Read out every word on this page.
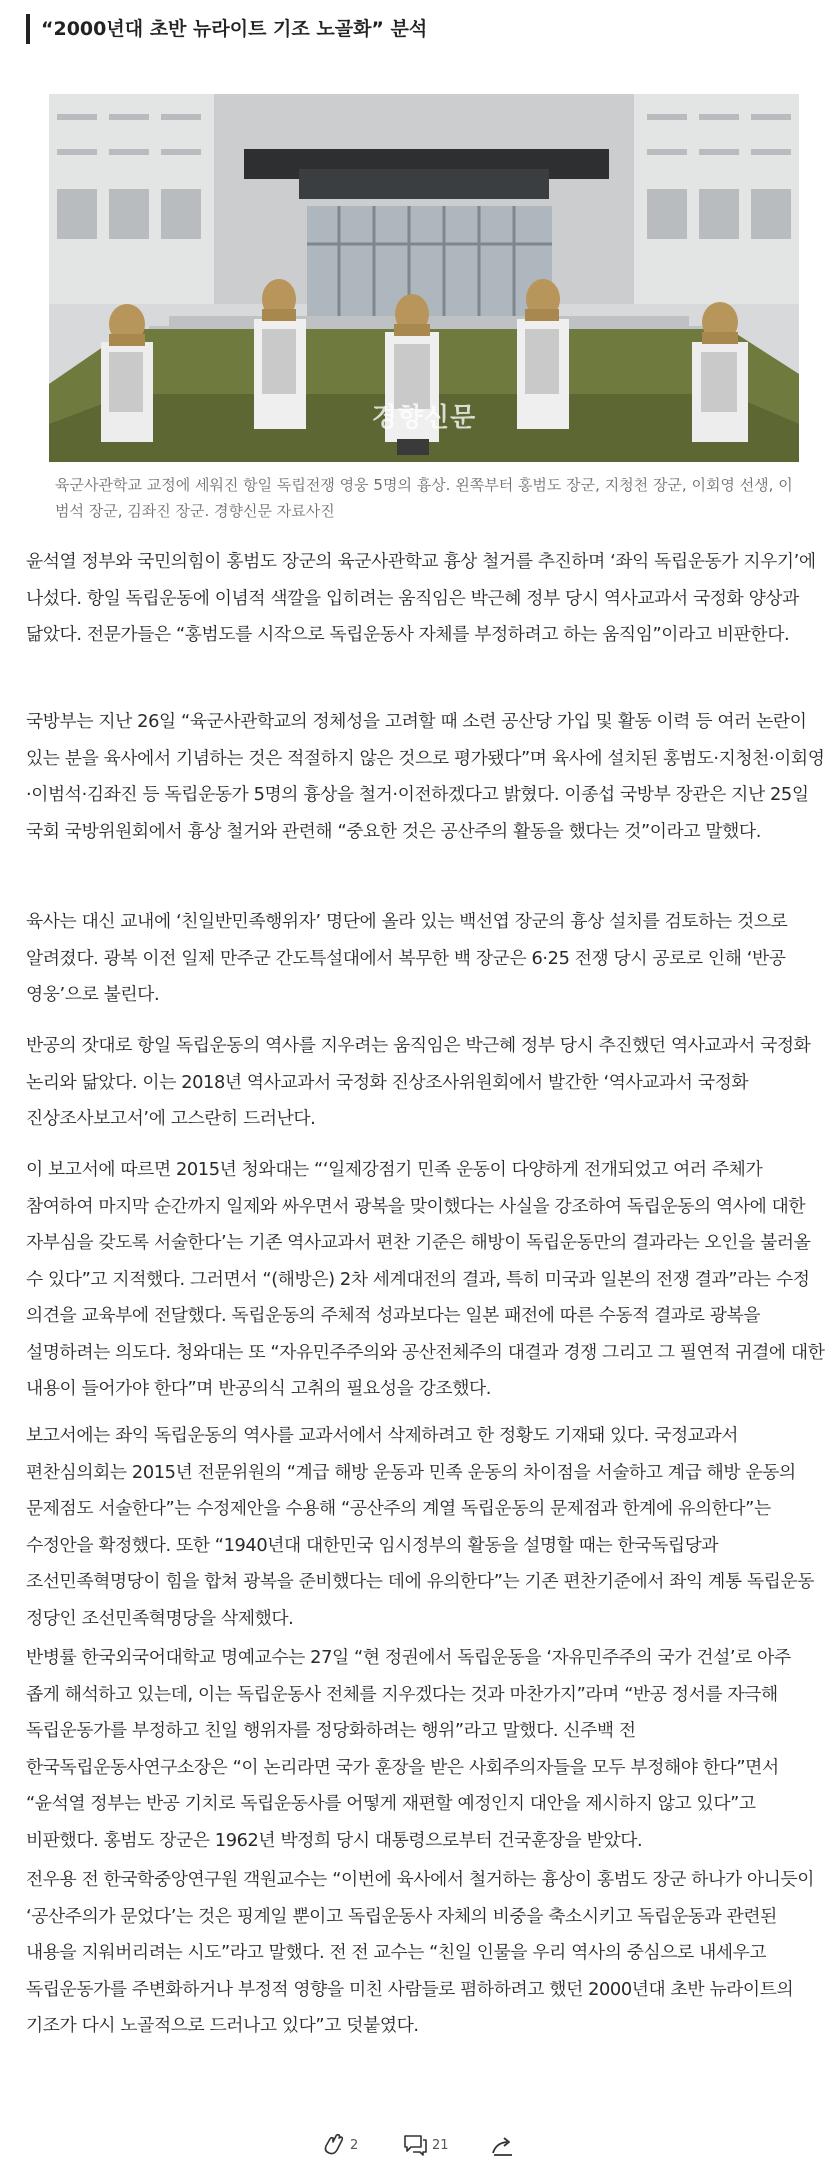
“2000년대 초반 뉴라이트 기조 노골화” 분석
경향신문
육군사관학교 교정에 세워진 항일 독립전쟁 영웅 5명의 흉상. 왼쪽부터 홍범도 장군, 지청천 장군, 이회영 선생, 이범석 장군, 김좌진 장군. 경향신문 자료사진
윤석열 정부와 국민의힘이 홍범도 장군의 육군사관학교 흉상 철거를 추진하며 ‘좌익 독립운동가 지우기’에 나섰다. 항일 독립운동에 이념적 색깔을 입히려는 움직임은 박근혜 정부 당시 역사교과서 국정화 양상과 닮았다. 전문가들은 “홍범도를 시작으로 독립운동사 자체를 부정하려고 하는 움직임”이라고 비판한다.
국방부는 지난 26일 “육군사관학교의 정체성을 고려할 때 소련 공산당 가입 및 활동 이력 등 여러 논란이 있는 분을 육사에서 기념하는 것은 적절하지 않은 것으로 평가됐다”며 육사에 설치된 홍범도·지청천·이회영·이범석·김좌진 등 독립운동가 5명의 흉상을 철거·이전하겠다고 밝혔다. 이종섭 국방부 장관은 지난 25일 국회 국방위원회에서 흉상 철거와 관련해 “중요한 것은 공산주의 활동을 했다는 것”이라고 말했다.
육사는 대신 교내에 ‘친일반민족행위자’ 명단에 올라 있는 백선엽 장군의 흉상 설치를 검토하는 것으로 알려졌다. 광복 이전 일제 만주군 간도특설대에서 복무한 백 장군은 6·25 전쟁 당시 공로로 인해 ‘반공 영웅’으로 불린다.
반공의 잣대로 항일 독립운동의 역사를 지우려는 움직임은 박근혜 정부 당시 추진했던 역사교과서 국정화 논리와 닮았다. 이는 2018년 역사교과서 국정화 진상조사위원회에서 발간한 ‘역사교과서 국정화 진상조사보고서’에 고스란히 드러난다.
이 보고서에 따르면 2015년 청와대는 “‘일제강점기 민족 운동이 다양하게 전개되었고 여러 주체가 참여하여 마지막 순간까지 일제와 싸우면서 광복을 맞이했다는 사실을 강조하여 독립운동의 역사에 대한 자부심을 갖도록 서술한다’는 기존 역사교과서 편찬 기준은 해방이 독립운동만의 결과라는 오인을 불러올 수 있다”고 지적했다. 그러면서 “(해방은) 2차 세계대전의 결과, 특히 미국과 일본의 전쟁 결과”라는 수정 의견을 교육부에 전달했다. 독립운동의 주체적 성과보다는 일본 패전에 따른 수동적 결과로 광복을 설명하려는 의도다. 청와대는 또 “자유민주주의와 공산전체주의 대결과 경쟁 그리고 그 필연적 귀결에 대한 내용이 들어가야 한다”며 반공의식 고취의 필요성을 강조했다.
보고서에는 좌익 독립운동의 역사를 교과서에서 삭제하려고 한 정황도 기재돼 있다. 국정교과서 편찬심의회는 2015년 전문위원의 “계급 해방 운동과 민족 운동의 차이점을 서술하고 계급 해방 운동의 문제점도 서술한다”는 수정제안을 수용해 “공산주의 계열 독립운동의 문제점과 한계에 유의한다”는 수정안을 확정했다. 또한 “1940년대 대한민국 임시정부의 활동을 설명할 때는 한국독립당과 조선민족혁명당이 힘을 합쳐 광복을 준비했다는 데에 유의한다”는 기존 편찬기준에서 좌익 계통 독립운동 정당인 조선민족혁명당을 삭제했다.
반병률 한국외국어대학교 명예교수는 27일 “현 정권에서 독립운동을 ‘자유민주주의 국가 건설’로 아주 좁게 해석하고 있는데, 이는 독립운동사 전체를 지우겠다는 것과 마찬가지”라며 “반공 정서를 자극해 독립운동가를 부정하고 친일 행위자를 정당화하려는 행위”라고 말했다. 신주백 전 한국독립운동사연구소장은 “이 논리라면 국가 훈장을 받은 사회주의자들을 모두 부정해야 한다”면서 “윤석열 정부는 반공 기치로 독립운동사를 어떻게 재편할 예정인지 대안을 제시하지 않고 있다”고 비판했다. 홍범도 장군은 1962년 박정희 당시 대통령으로부터 건국훈장을 받았다.
전우용 전 한국학중앙연구원 객원교수는 “이번에 육사에서 철거하는 흉상이 홍범도 장군 하나가 아니듯이 ‘공산주의가 문었다’는 것은 핑계일 뿐이고 독립운동사 자체의 비중을 축소시키고 독립운동과 관련된 내용을 지워버리려는 시도”라고 말했다. 전 전 교수는 “친일 인물을 우리 역사의 중심으로 내세우고 독립운동가를 주변화하거나 부정적 영향을 미친 사람들로 폄하하려고 했던 2000년대 초반 뉴라이트의 기조가 다시 노골적으로 드러나고 있다”고 덧붙였다.
2	21
